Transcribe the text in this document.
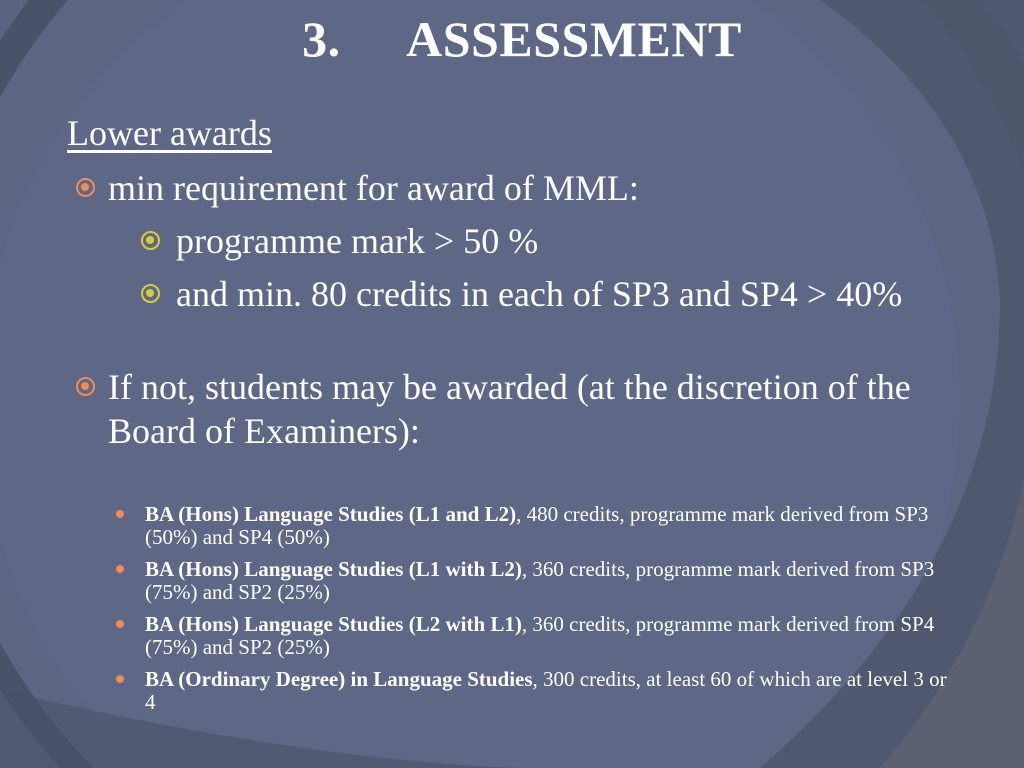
3.	ASSESSMENT
Lower awards
min requirement for award of MML:
programme mark > 50 %
and min. 80 credits in each of SP3 and SP4 > 40%
If not, students may be awarded (at the discretion of the Board of Examiners):
BA (Hons) Language Studies (L1 and L2), 480 credits, programme mark derived from SP3 (50%) and SP4 (50%)
BA (Hons) Language Studies (L1 with L2), 360 credits, programme mark derived from SP3 (75%) and SP2 (25%)
BA (Hons) Language Studies (L2 with L1), 360 credits, programme mark derived from SP4 (75%) and SP2 (25%)
BA (Ordinary Degree) in Language Studies, 300 credits, at least 60 of which are at level 3 or 4
